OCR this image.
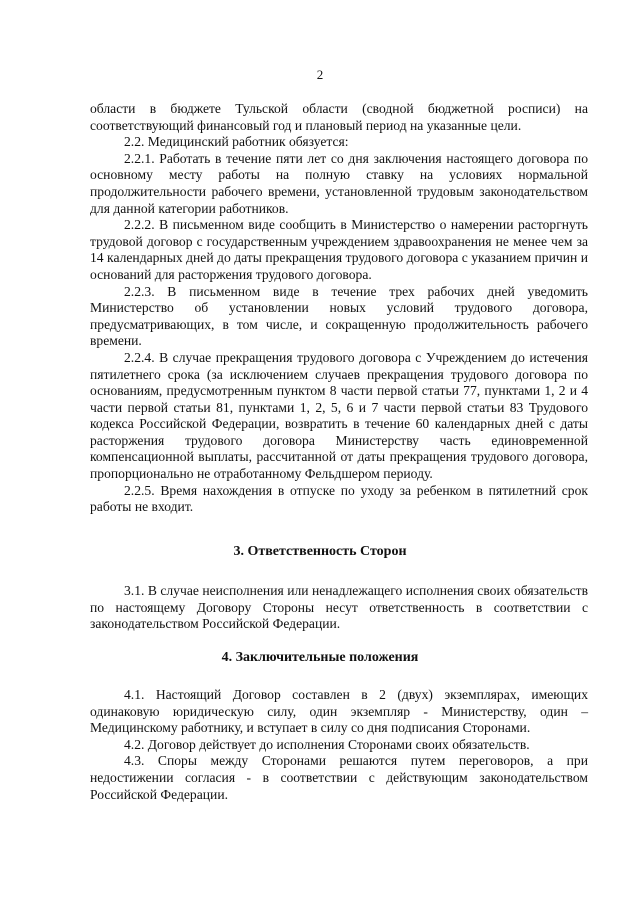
2

области в бюджете Тульской области (сводной бюджетной росписи) на соответствующий финансовый год и плановый период на указанные цели.

2.2. Медицинский работник обязуется:

2.2.1. Работать в течение пяти лет со дня заключения настоящего договора по основному месту работы на полную ставку на условиях нормальной продолжительности рабочего времени, установленной трудовым законодательством для данной категории работников.

2.2.2. В письменном виде сообщить в Министерство о намерении расторгнуть трудовой договор с государственным учреждением здравоохранения не менее чем за 14 календарных дней до даты прекращения трудового договора с указанием причин и оснований для расторжения трудового договора.

2.2.3. В письменном виде в течение трех рабочих дней уведомить Министерство об установлении новых условий трудового договора, предусматривающих, в том числе, и сокращенную продолжительность рабочего времени.

2.2.4. В случае прекращения трудового договора с Учреждением до истечения пятилетнего срока (за исключением случаев прекращения трудового договора по основаниям, предусмотренным пунктом 8 части первой статьи 77, пунктами 1, 2 и 4 части первой статьи 81, пунктами 1, 2, 5, 6 и 7 части первой статьи 83 Трудового кодекса Российской Федерации, возвратить в течение 60 календарных дней с даты расторжения трудового договора Министерству часть единовременной компенсационной выплаты, рассчитанной от даты прекращения трудового договора, пропорционально не отработанному Фельдшером периоду.

2.2.5. Время нахождения в отпуске по уходу за ребенком в пятилетний срок работы не входит.

3. Ответственность Сторон

3.1. В случае неисполнения или ненадлежащего исполнения своих обязательств по настоящему Договору Стороны несут ответственность в соответствии с законодательством Российской Федерации.

4. Заключительные положения

4.1. Настоящий Договор составлен в 2 (двух) экземплярах, имеющих одинаковую юридическую силу, один экземпляр - Министерству, один – Медицинскому работнику, и вступает в силу со дня подписания Сторонами.

4.2. Договор действует до исполнения Сторонами своих обязательств.

4.3. Споры между Сторонами решаются путем переговоров, а при недостижении согласия - в соответствии с действующим законодательством Российской Федерации.
